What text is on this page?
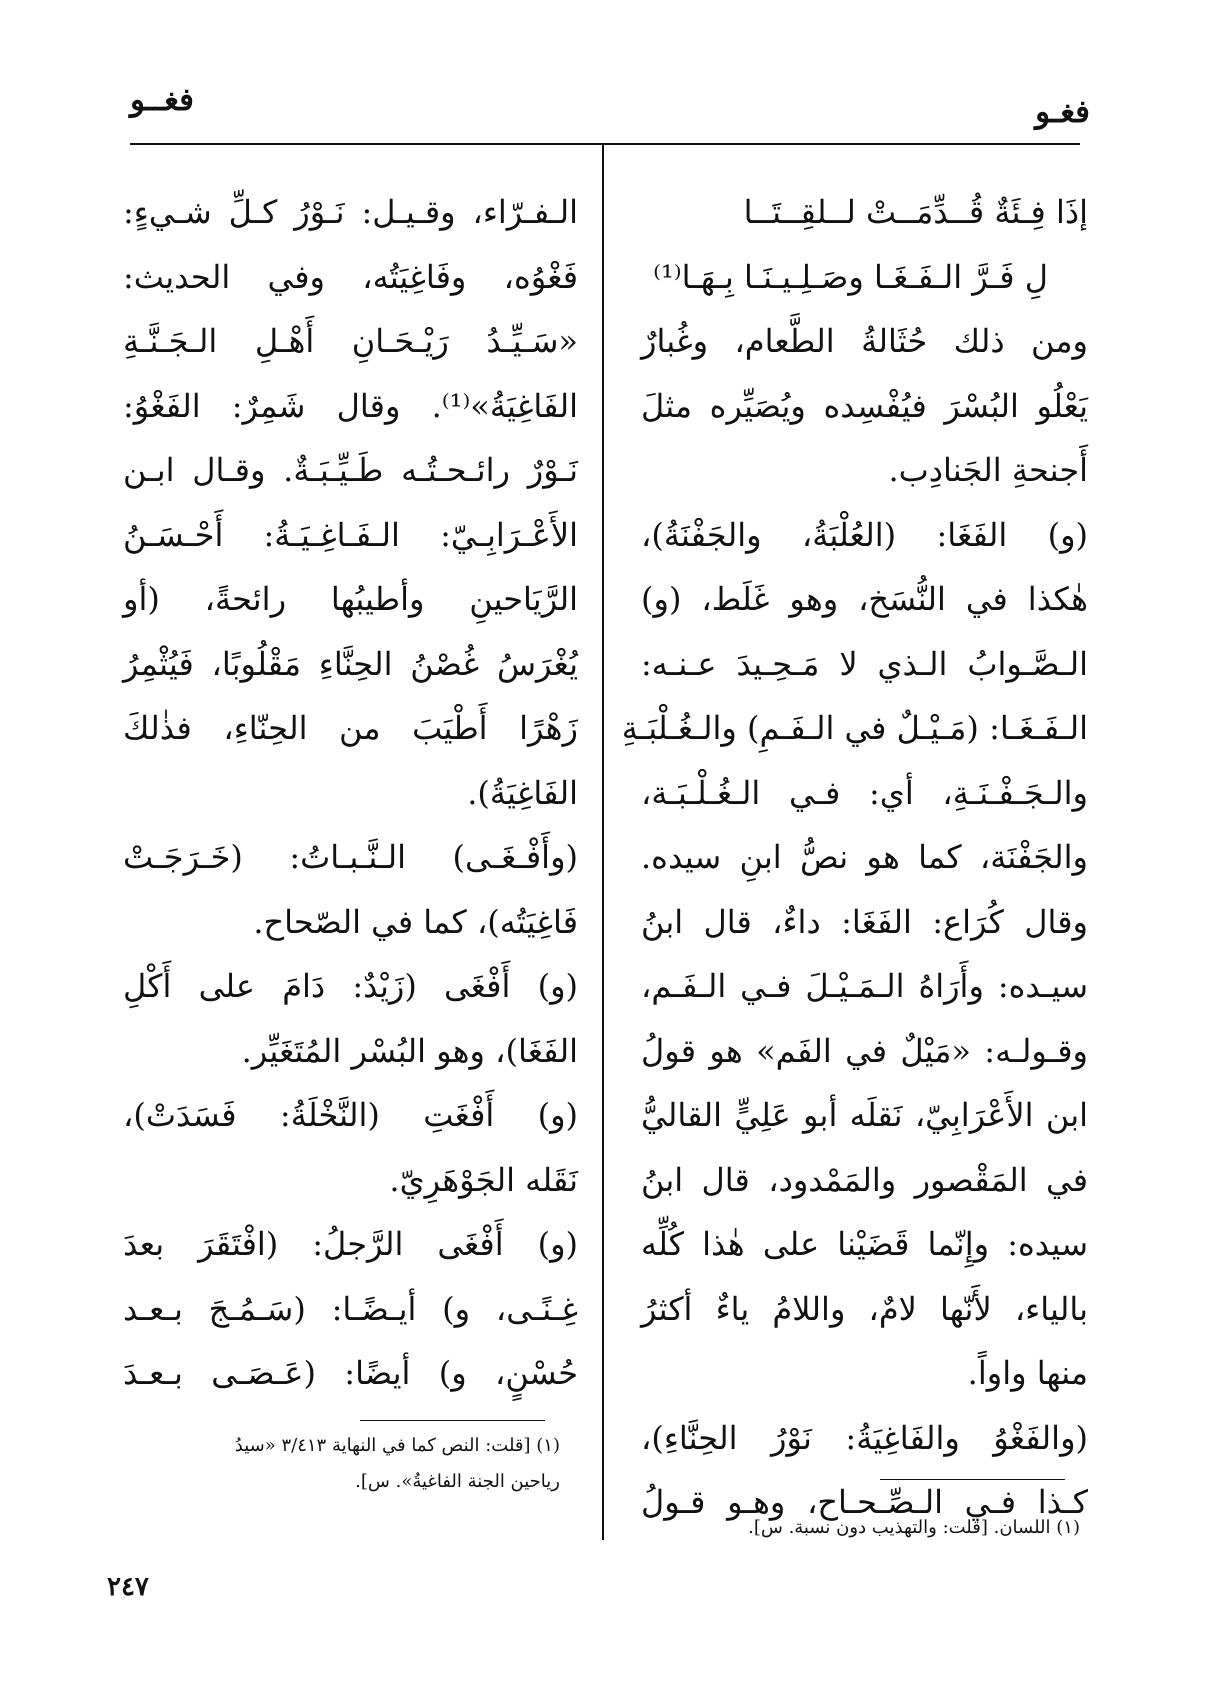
فغـو
فغــو
إذَا فِـئَةٌ قُــدِّمَــتْ لــلقِــتَــا
لِ فَـرَّ الـفَـغَـا وصَـلِـيـنَـا بِـهَـا⁽¹⁾
ومن ذلك حُثَالةُ الطَّعام، وغُبارٌ
يَعْلُو البُسْرَ فيُفْسِده ويُصَيِّره مثلَ
أَجنحةِ الجَنادِب.
(و) الفَغَا: (العُلْبَةُ، والجَفْنَةُ)،
هٰكذا في النُّسَخ، وهو غَلَط، (و)
الـصَّـوابُ الـذي لا مَـحِـيدَ عـنـه:
الـفَـغَـا: (مَـيْـلٌ في الـفَـمِ) والـغُـلْبَـةِ
والـجَـفْـنَـةِ، أي: فـي الـغُـلْـبَـة،
والجَفْنَة، كما هو نصُّ ابنِ سيده.
وقال كُرَاع: الفَغَا: داءٌ، قال ابنُ
سيـده: وأَرَاهُ الـمَـيْـلَ فـي الـفَـم،
وقـولـه: «مَيْلٌ في الفَم» هو قولُ
ابن الأَعْرَابِيّ، نَقلَه أبو عَلِيٍّ القاليُّ
في المَقْصور والمَمْدود، قال ابنُ
سيده: وإِنّما قَضَيْنا على هٰذا كُلِّه
بالياء، لأَنّها لامٌ، واللامُ ياءٌ أكثرُ
منها واواً.
(والفَغْوُ والفَاغِيَةُ: نَوْرُ الحِنَّاءِ)،
كـذا فـي الـصِّـحـاح، وهـو قـولُ
الـفـرّاء، وقـيـل: نَـوْرُ كـلِّ شـيءٍ:
فَغْوُه، وفَاغِيَتُه، وفي الحديث:
«سَـيِّـدُ رَيْـحَـانِ أَهْـلِ الـجَـنَّـةِ
الفَاغِيَةُ»⁽¹⁾. وقال شَمِرٌ: الفَغْوُ:
نَـوْرٌ رائـحـتُـه طَـيِّـبَـةٌ. وقـال ابـن
الأَعْـرَابِـيّ: الـفَـاغِـيَـةُ: أَحْـسَـنُ
الرَّيَاحينِ وأطيبُها رائحةً، (أو
يُغْرَسُ غُصْنُ الحِنَّاءِ مَقْلُوبًا، فَيُثْمِرُ
زَهْرًا أَطْيَبَ من الحِنّاءِ، فذٰلكَ
الفَاغِيَةُ).
(وأَفْـغَـى) الـنَّـبـاتُ: (خَـرَجَـتْ
فَاغِيَتُه)، كما في الصّحاح.
(و) أَفْغَى (زَيْدٌ: دَامَ على أَكْلِ
الفَغَا)، وهو البُسْر المُتَغَيِّر.
(و) أَفْغَتِ (النَّخْلَةُ: فَسَدَتْ)،
نَقَله الجَوْهَرِيّ.
(و) أَفْغَى الرَّجلُ: (افْتَقَرَ بعدَ
غِـنًـى، و) أيـضًـا: (سَـمُـجَ بـعـد
حُسْنٍ، و) أيضًا: (عَـصَـى بـعـدَ
(١) اللسان. [قلت: والتهذيب دون نسبة. س].
(١) [قلت: النص كما في النهاية ٣/٤١٣ «سيدُ
رياحين الجنة الفاغيةُ». س].
٢٤٧
